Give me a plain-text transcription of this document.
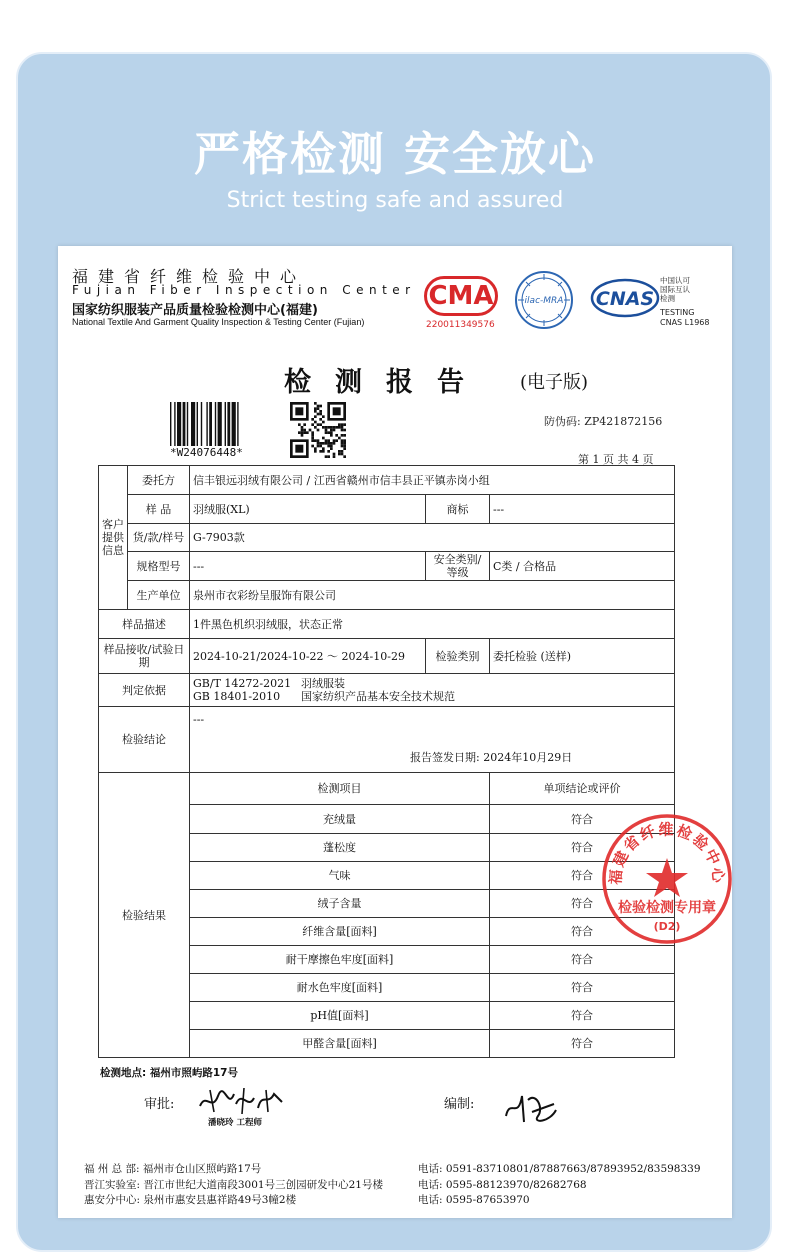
严格检测 安全放心
Strict testing safe and assured
福建省纤维检验中心
Fujian Fiber Inspection Center
国家纺织服装产品质量检验检测中心(福建)
National Textile And Garment Quality Inspection & Testing Center (Fujian)
CMA
220011349576
ilac-MRA CNAS
中国认可
国际互认
检测
TESTING
CNAS L1968
检测报告 (电子版)
*W24076448*
防伪码: ZP421872156
第 1 页 共 4 页
客户提供信息	委托方	信丰银远羽绒有限公司 / 江西省赣州市信丰县正平镇赤岗小组		
	样 品	羽绒服(XL)	商标	---
	货/款/样号	G-7903款		
	规格型号	---	安全类别/等级	C类 / 合格品
	生产单位	泉州市衣彩纷呈服饰有限公司		
样品描述		1件黑色机织羽绒服，状态正常		
样品接收/试验日期		2024-10-21/2024-10-22 ～ 2024-10-29	检验类别	委托检验 (送样)
判定依据		GB/T 14272-2021 羽绒服装
GB 18401-2010 国家纺织产品基本安全技术规范		

检验结论		---
报告签发日期: 2024年10月29日		

检验结果		检测项目		单项结论或评价
		充绒量		符合
		蓬松度		符合
		气味		符合
		绒子含量		符合
		纤维含量[面料]		符合
		耐干摩擦色牢度[面料]		符合
		耐水色牢度[面料]		符合
		pH值[面料]		符合
		甲醛含量[面料]		符合
福建省纤维检验中心
检验检测专用章
(D2)
检测地点: 福州市照屿路17号
审批:
潘晓玲 工程师
编制:
福 州 总 部: 福州市仓山区照屿路17号
晋江实验室: 晋江市世纪大道南段3001号三创园研发中心21号楼
惠安分中心: 泉州市惠安县惠祥路49号3幢2楼
电话: 0591-83710801/87887663/87893952/83598339
电话: 0595-88123970/82682768
电话: 0595-87653970
